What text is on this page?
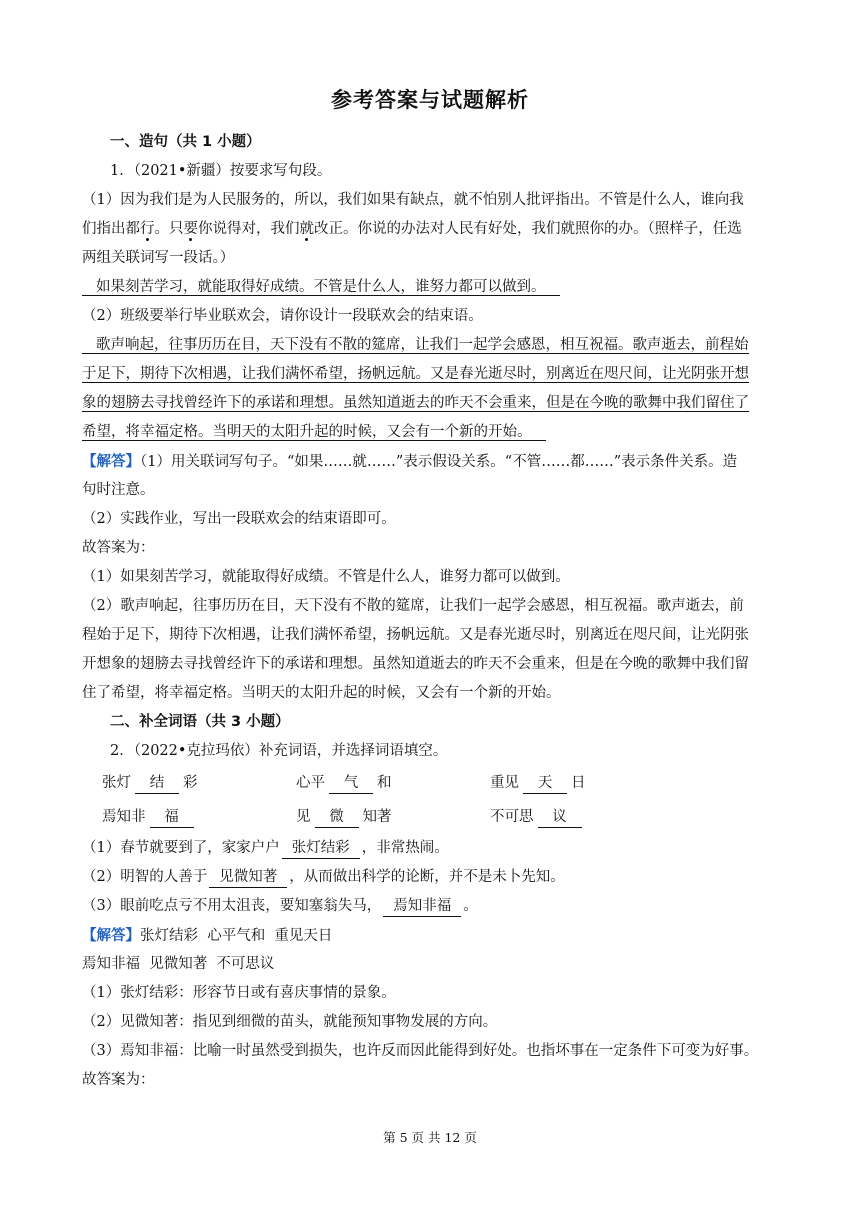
参考答案与试题解析
一、造句（共 1 小题）
1．（2021•新疆）按要求写句段。
（1）因为我们是为人民服务的，所以，我们如果有缺点，就不怕别人批评指出。不管是什么人，谁向我
们指出都行。只要你说得对，我们就改正。你说的办法对人民有好处，我们就照你的办。（照样子，任选
两组关联词写一段话。）
如果刻苦学习，就能取得好成绩。不管是什么人，谁努力都可以做到。
（2）班级要举行毕业联欢会，请你设计一段联欢会的结束语。
歌声响起，往事历历在目，天下没有不散的筵席，让我们一起学会感恩，相互祝福。歌声逝去，前程始
于足下，期待下次相遇，让我们满怀希望，扬帆远航。又是春光逝尽时，别离近在咫尺间，让光阴张开想
象的翅膀去寻找曾经许下的承诺和理想。虽然知道逝去的昨天不会重来，但是在今晚的歌舞中我们留住了
希望，将幸福定格。当明天的太阳升起的时候，又会有一个新的开始。
【解答】（1）用关联词写句子。“如果……就……”表示假设关系。“不管……都……”表示条件关系。造
句时注意。
（2）实践作业，写出一段联欢会的结束语即可。
故答案为：
（1）如果刻苦学习，就能取得好成绩。不管是什么人，谁努力都可以做到。
（2）歌声响起，往事历历在目，天下没有不散的筵席，让我们一起学会感恩，相互祝福。歌声逝去，前
程始于足下，期待下次相遇，让我们满怀希望，扬帆远航。又是春光逝尽时，别离近在咫尺间，让光阴张
开想象的翅膀去寻找曾经许下的承诺和理想。虽然知道逝去的昨天不会重来，但是在今晚的歌舞中我们留
住了希望，将幸福定格。当明天的太阳升起的时候，又会有一个新的开始。
二、补全词语（共 3 小题）
2．（2022•克拉玛依）补充词语，并选择词语填空。
张灯 结 彩	心平 气 和	重见 天 日
焉知非 福	见 微 知著	不可思 议
（1）春节就要到了，家家户户 张灯结彩 ，非常热闹。
（2）明智的人善于 见微知著 ，从而做出科学的论断，并不是未卜先知。
（3）眼前吃点亏不用太沮丧，要知塞翁失马， 焉知非福 。
【解答】张灯结彩  心平气和  重见天日
焉知非福  见微知著  不可思议
（1）张灯结彩：形容节日或有喜庆事情的景象。
（2）见微知著：指见到细微的苗头，就能预知事物发展的方向。
（3）焉知非福：比喻一时虽然受到损失，也许反而因此能得到好处。也指坏事在一定条件下可变为好事。
故答案为：
第 5 页 共 12 页
